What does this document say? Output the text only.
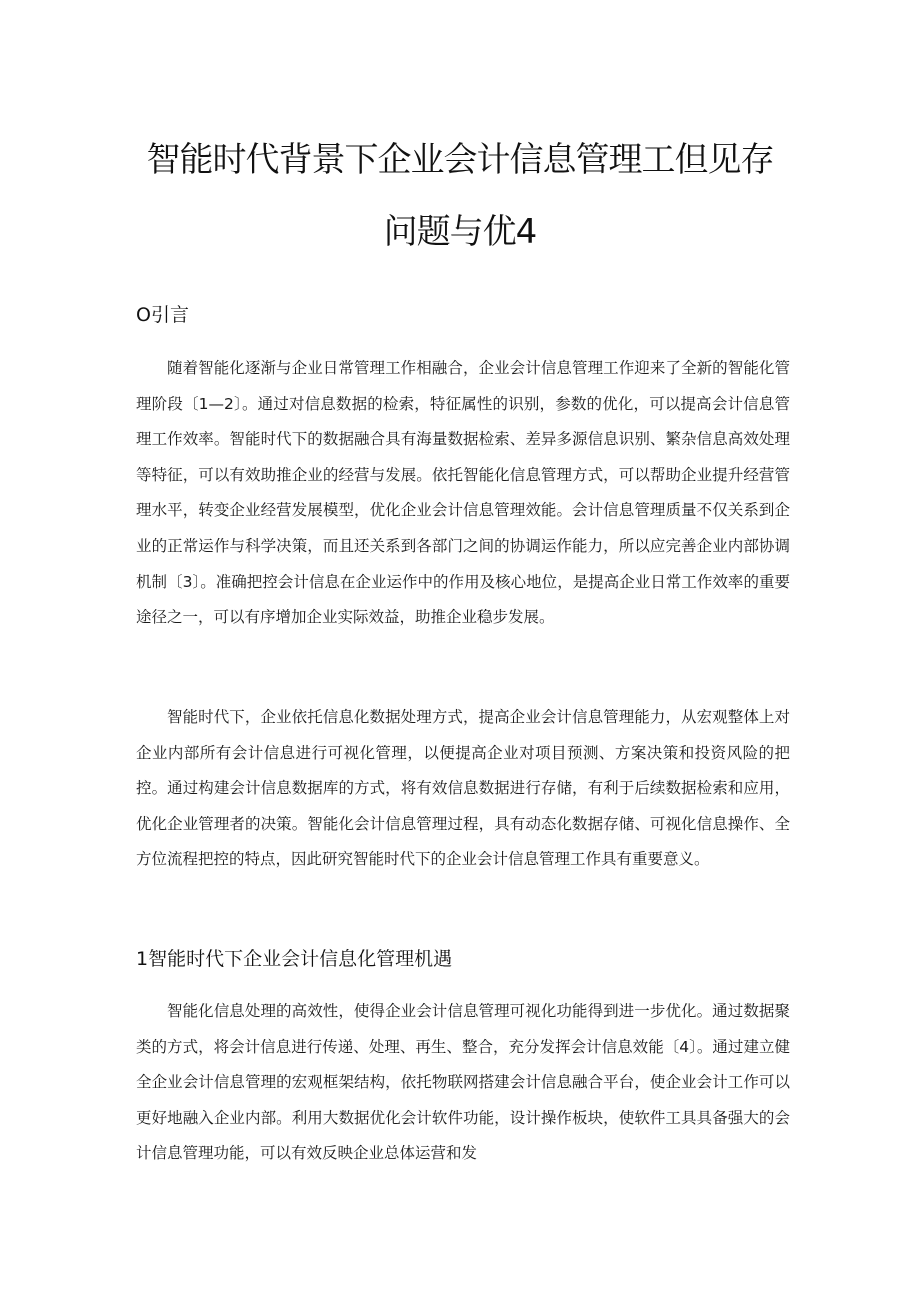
智能时代背景下企业会计信息管理工但见存
问题与优4
O引言

随着智能化逐渐与企业日常管理工作相融合，企业会计信息管理工作迎来了全新的智能化管理阶段〔1—2〕。通过对信息数据的检索，特征属性的识别，参数的优化，可以提高会计信息管理工作效率。智能时代下的数据融合具有海量数据检索、差异多源信息识别、繁杂信息高效处理等特征，可以有效助推企业的经营与发展。依托智能化信息管理方式，可以帮助企业提升经营管理水平，转变企业经营发展模型，优化企业会计信息管理效能。会计信息管理质量不仅关系到企业的正常运作与科学决策，而且还关系到各部门之间的协调运作能力，所以应完善企业内部协调机制〔3〕。准确把控会计信息在企业运作中的作用及核心地位，是提高企业日常工作效率的重要途径之一，可以有序增加企业实际效益，助推企业稳步发展。

智能时代下，企业依托信息化数据处理方式，提高企业会计信息管理能力，从宏观整体上对企业内部所有会计信息进行可视化管理，以便提高企业对项目预测、方案决策和投资风险的把控。通过构建会计信息数据库的方式，将有效信息数据进行存储，有利于后续数据检索和应用，优化企业管理者的决策。智能化会计信息管理过程，具有动态化数据存储、可视化信息操作、全方位流程把控的特点，因此研究智能时代下的企业会计信息管理工作具有重要意义。

1智能时代下企业会计信息化管理机遇

智能化信息处理的高效性，使得企业会计信息管理可视化功能得到进一步优化。通过数据聚类的方式，将会计信息进行传递、处理、再生、整合，充分发挥会计信息效能〔4〕。通过建立健全企业会计信息管理的宏观框架结构，依托物联网搭建会计信息融合平台，使企业会计工作可以更好地融入企业内部。利用大数据优化会计软件功能，设计操作板块，使软件工具具备强大的会计信息管理功能，可以有效反映企业总体运营和发
